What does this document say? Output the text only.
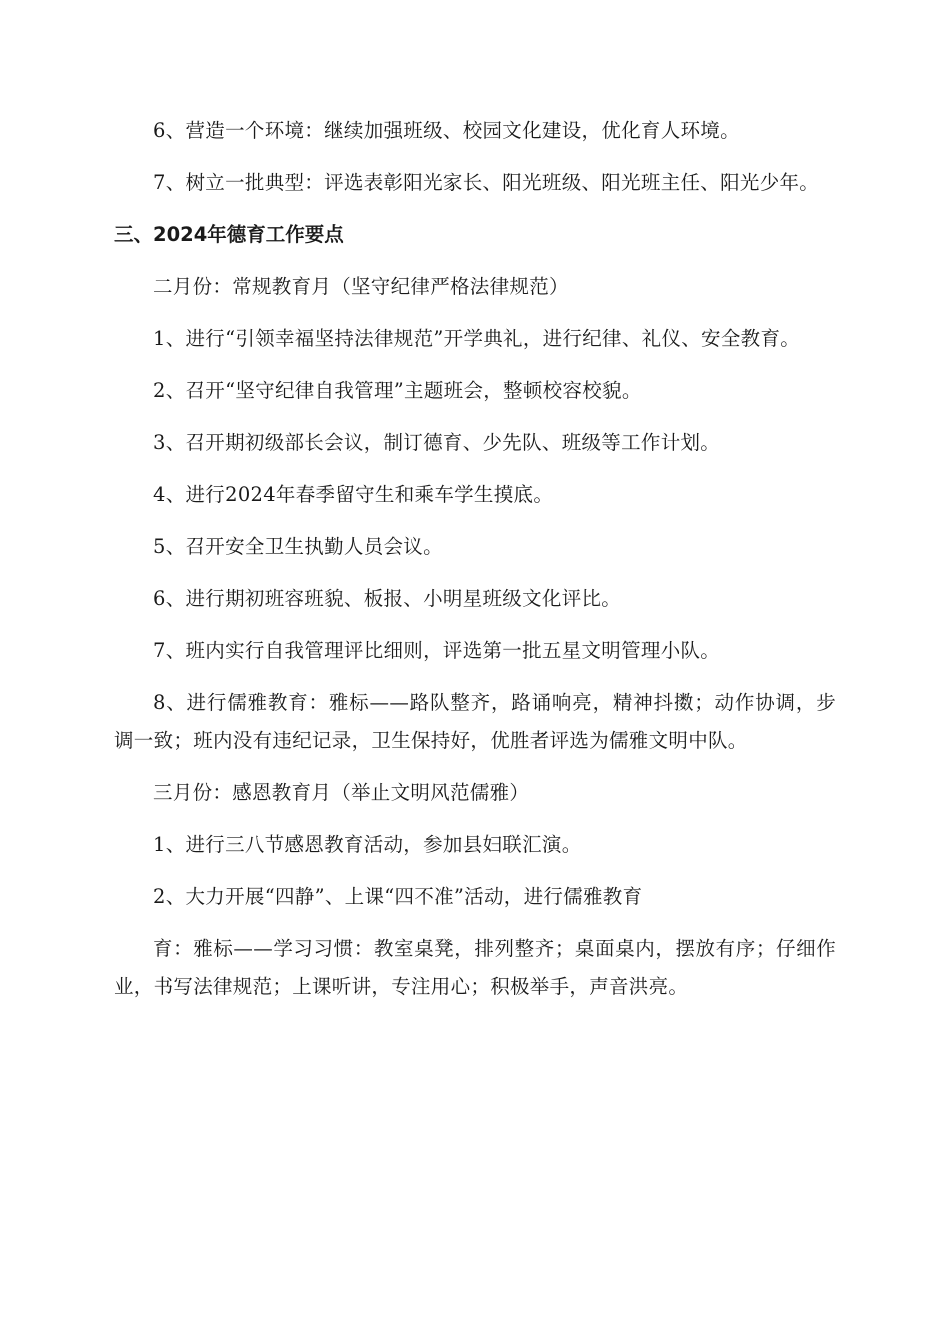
6、营造一个环境：继续加强班级、校园文化建设，优化育人环境。

7、树立一批典型：评选表彰阳光家长、阳光班级、阳光班主任、阳光少年。

三、2024年德育工作要点

二月份：常规教育月（坚守纪律严格法律规范）

1、进行“引领幸福坚持法律规范”开学典礼，进行纪律、礼仪、安全教育。

2、召开“坚守纪律自我管理”主题班会，整顿校容校貌。

3、召开期初级部长会议，制订德育、少先队、班级等工作计划。

4、进行2024年春季留守生和乘车学生摸底。

5、召开安全卫生执勤人员会议。

6、进行期初班容班貌、板报、小明星班级文化评比。

7、班内实行自我管理评比细则，评选第一批五星文明管理小队。

8、进行儒雅教育：雅标——路队整齐，路诵响亮，精神抖擞；动作协调，步调一致；班内没有违纪记录，卫生保持好，优胜者评选为儒雅文明中队。

三月份：感恩教育月（举止文明风范儒雅）

1、进行三八节感恩教育活动，参加县妇联汇演。

2、大力开展“四静”、上课“四不准”活动，进行儒雅教育

育：雅标——学习习惯：教室桌凳，排列整齐；桌面桌内，摆放有序；仔细作业，书写法律规范；上课听讲，专注用心；积极举手，声音洪亮。
